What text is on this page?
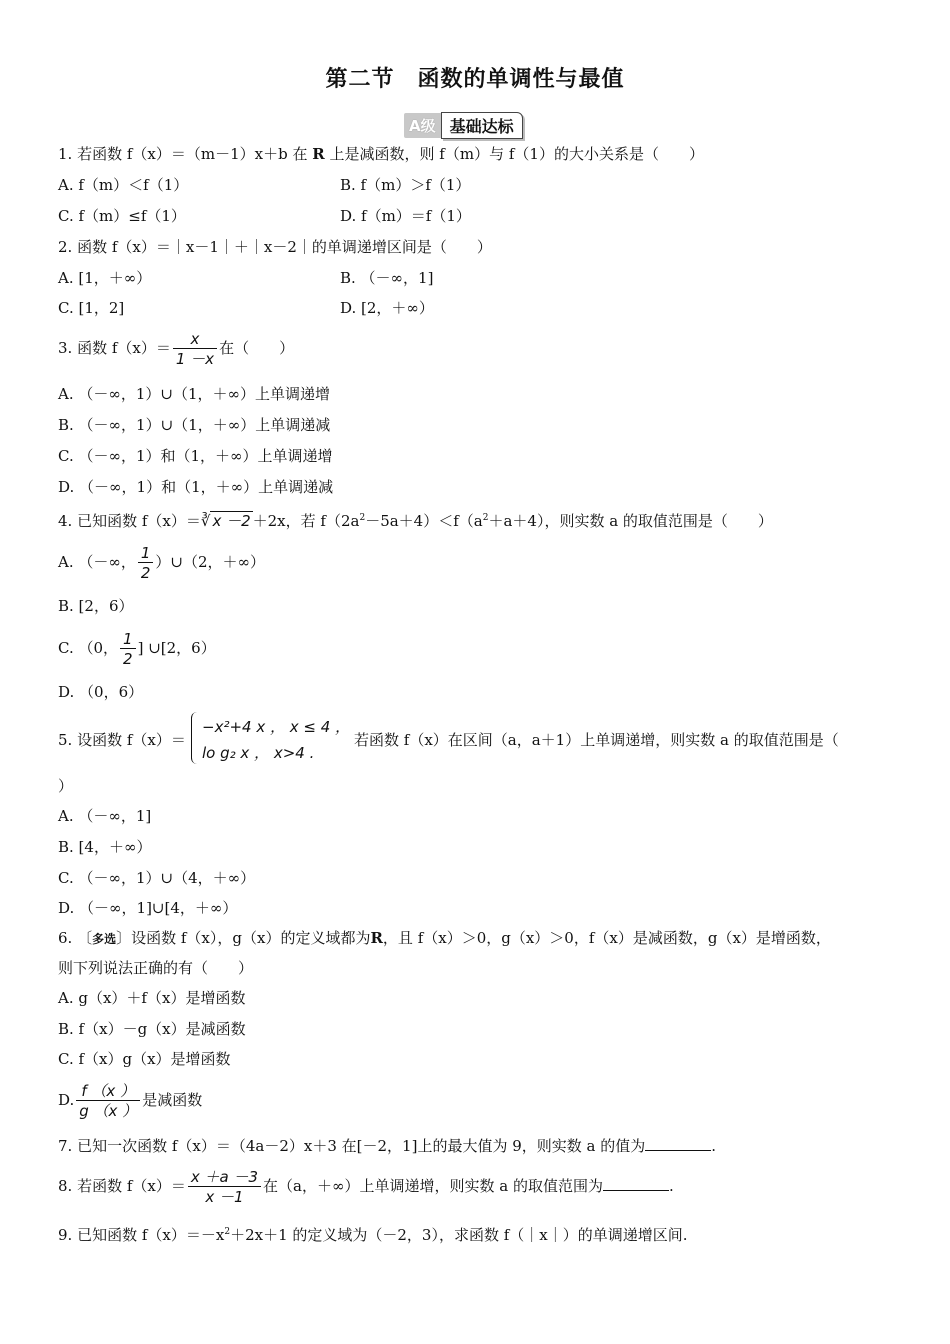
第二节　函数的单调性与最值
A级 基础达标
1. 若函数 f（x）＝（m－1）x＋b 在 R 上是减函数，则 f（m）与 f（1）的大小关系是（　　）
A. f（m）＜f（1）	B. f（m）＞f（1）
C. f（m）≤f（1）	D. f（m）＝f（1）
2. 函数 f（x）＝｜x－1｜＋｜x－2｜的单调递增区间是（　　）
A. [1，＋∞）	B. （－∞，1]
C. [1，2]	D. [2，＋∞）
3. 函数 $f(x)= \frac{x}{1 -x}$ 在（　　）
A. （－∞，1）∪（1，＋∞）上单调递增
B. （－∞，1）∪（1，＋∞）上单调递减
C. （－∞，1）和（1，＋∞）上单调递增
D. （－∞，1）和（1，＋∞）上单调递减
4. 已知函数 f（x）＝∛ x －2 ＋2x，若 $f(2a^2-5a+4)<f(a^2+a+4)$，则实数 a 的取值范围是（　　）
A. （－∞， $\frac{1}{2}$ ）∪（2，＋∞）
B. [2，6）
C. （0， $\frac{1}{2}$ ] ∪[2，6）
D. （0，6）
5. 设函数 f（x）＝
−x²+4 x ， x ≤ 4 ，
lo g₂ x ， x>4 .
若函数 f（x）在区间（a，a＋1）上单调递增，则实数 a 的取值范围是（
）
A. （－∞，1]
B. [4，＋∞）
C. （－∞，1）∪（4，＋∞）
D. （－∞，1]∪[4，＋∞）
6. 〔多选〕设函数 f（x），g（x）的定义域都为R，且 f（x）＞0，g（x）＞0，f（x）是减函数，g（x）是增函数，
则下列说法正确的有（　　）
A. g（x）＋f（x）是增函数
B. f（x）－g（x）是减函数
C. f（x）g（x）是增函数
D. $\frac{f (x )}{g (x )}$ 是减函数
7. 已知一次函数 f（x）＝（4a－2）x＋3 在[－2，1]上的最大值为 9，则实数 a 的值为	.
8. 若函数 $f(x)= \frac{x +a -3}{x -1}$ 在（a，＋∞）上单调递增，则实数 a 的取值范围为	.
9. 已知函数 $f(x)=-x^2+2x+1$ 的定义域为（－2，3），求函数 f（｜x｜）的单调递增区间.
